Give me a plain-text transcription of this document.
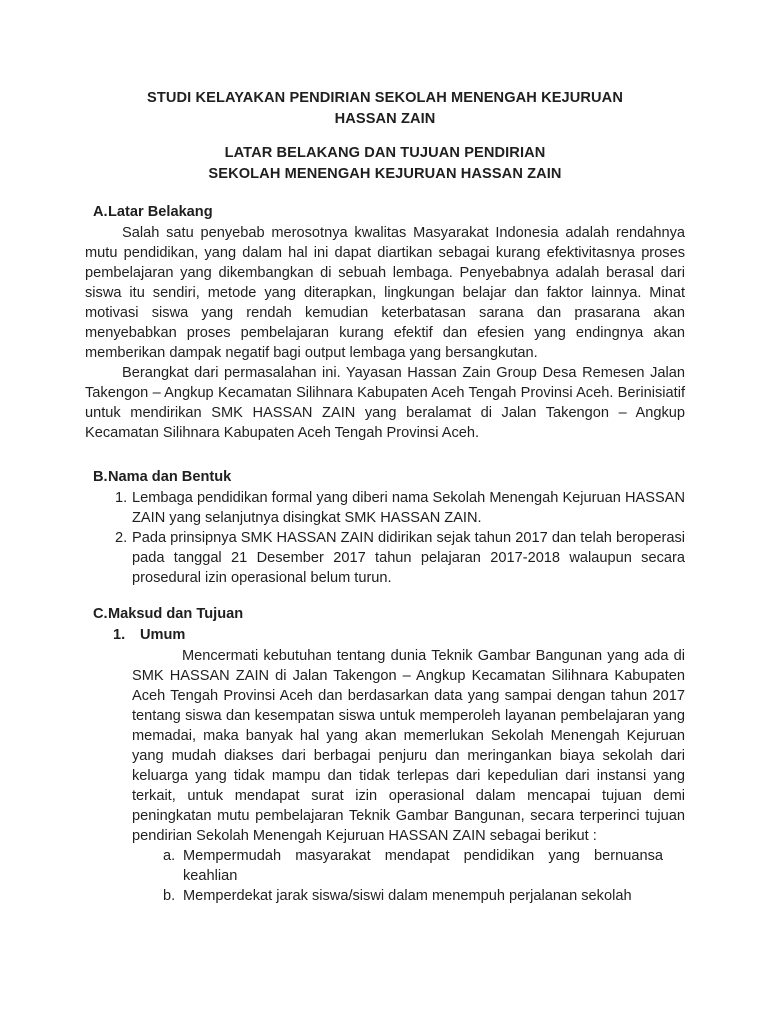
STUDI KELAYAKAN PENDIRIAN SEKOLAH MENENGAH KEJURUAN
HASSAN ZAIN
LATAR BELAKANG DAN TUJUAN PENDIRIAN
SEKOLAH MENENGAH KEJURUAN HASSAN ZAIN
A. Latar Belakang

Salah satu penyebab merosotnya kwalitas Masyarakat Indonesia adalah rendahnya mutu pendidikan, yang dalam hal ini dapat diartikan sebagai kurang efektivitasnya proses pembelajaran yang dikembangkan di sebuah lembaga. Penyebabnya adalah berasal dari siswa itu sendiri, metode yang diterapkan, lingkungan belajar dan faktor lainnya. Minat motivasi siswa yang rendah kemudian keterbatasan sarana dan prasarana akan menyebabkan proses pembelajaran kurang efektif dan efesien yang endingnya akan memberikan dampak negatif bagi output lembaga yang bersangkutan.

Berangkat dari permasalahan ini. Yayasan Hassan Zain Group Desa Remesen Jalan Takengon – Angkup Kecamatan Silihnara Kabupaten Aceh Tengah Provinsi Aceh. Berinisiatif untuk mendirikan SMK HASSAN ZAIN yang beralamat di Jalan Takengon – Angkup Kecamatan Silihnara Kabupaten Aceh Tengah Provinsi Aceh.

B. Nama dan Bentuk
1. Lembaga pendidikan formal yang diberi nama Sekolah Menengah Kejuruan HASSAN ZAIN yang selanjutnya disingkat SMK HASSAN ZAIN.
2. Pada prinsipnya SMK HASSAN ZAIN didirikan sejak tahun 2017 dan telah beroperasi pada tanggal 21 Desember 2017 tahun pelajaran 2017-2018 walaupun secara prosedural izin operasional belum turun.
C. Maksud dan Tujuan
1.	Umum

Mencermati kebutuhan tentang dunia Teknik Gambar Bangunan yang ada di SMK HASSAN ZAIN di Jalan Takengon – Angkup Kecamatan Silihnara Kabupaten Aceh Tengah Provinsi Aceh dan berdasarkan data yang sampai dengan tahun 2017 tentang siswa dan kesempatan siswa untuk memperoleh layanan pembelajaran yang memadai, maka banyak hal yang akan memerlukan Sekolah Menengah Kejuruan yang mudah diakses dari berbagai penjuru dan meringankan biaya sekolah dari keluarga yang tidak mampu dan tidak terlepas dari kepedulian dari instansi yang terkait, untuk mendapat surat izin operasional dalam mencapai tujuan demi peningkatan mutu pembelajaran Teknik Gambar Bangunan, secara terperinci tujuan pendirian Sekolah Menengah Kejuruan HASSAN ZAIN sebagai berikut :

a. Mempermudah masyarakat mendapat pendidikan yang bernuansa keahlian
b. Memperdekat jarak siswa/siswi dalam menempuh perjalanan sekolah
